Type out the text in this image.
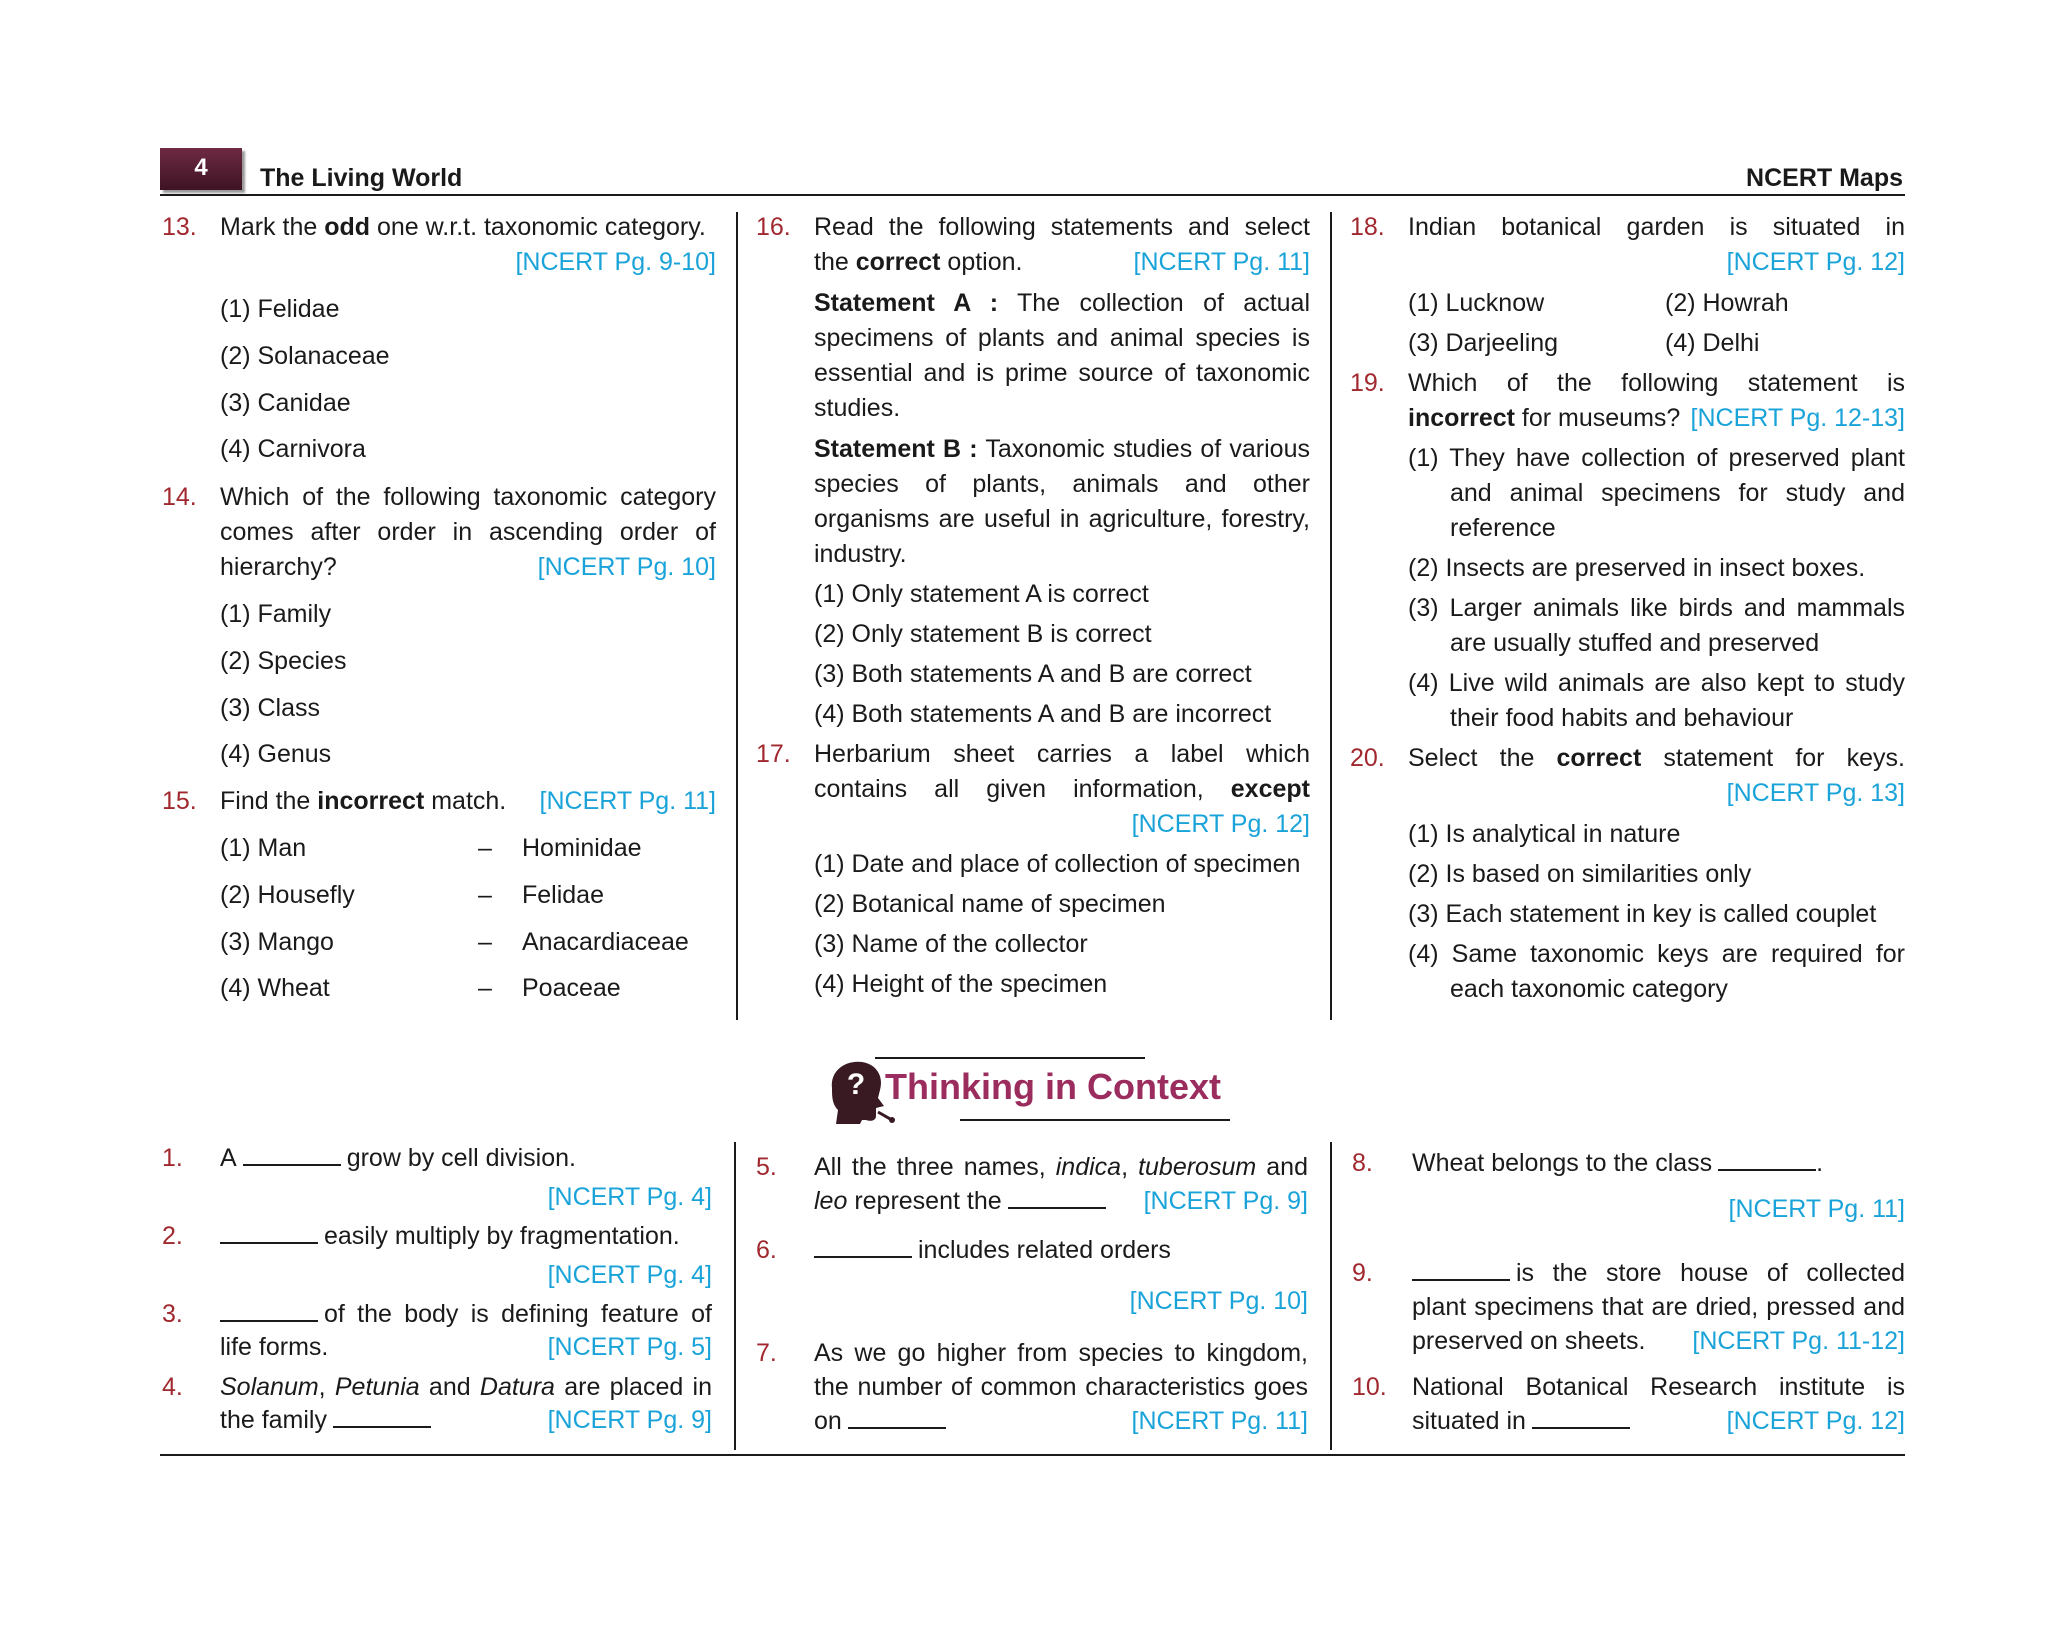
4	The Living World	NCERT Maps
13. Mark the odd one w.r.t. taxonomic category.
[NCERT Pg. 9-10]
(1) Felidae
(2) Solanaceae
(3) Canidae
(4) Carnivora
14. Which of the following taxonomic category
comes after order in ascending order of
hierarchy?	[NCERT Pg. 10]
(1) Family
(2) Species
(3) Class
(4) Genus
15. Find the incorrect match. [NCERT Pg. 11]
(1) Man	– Hominidae
(2) Housefly	– Felidae
(3) Mango	– Anacardiaceae
(4) Wheat	– Poaceae
16. Read the following statements and select
the correct option.	[NCERT Pg. 11]
Statement A : The collection of actual
specimens of plants and animal species is
essential and is prime source of taxonomic
studies.
Statement B : Taxonomic studies of various
species of plants, animals and other
organisms are useful in agriculture, forestry,
industry.
(1) Only statement A is correct
(2) Only statement B is correct
(3) Both statements A and B are correct
(4) Both statements A and B are incorrect
17. Herbarium sheet carries a label which
contains all given information, except
[NCERT Pg. 12]
(1) Date and place of collection of specimen
(2) Botanical name of specimen
(3) Name of the collector
(4) Height of the specimen
18. Indian botanical garden is situated in
[NCERT Pg. 12]
(1) Lucknow	(2) Howrah
(3) Darjeeling	(4) Delhi
19. Which of the following statement is
incorrect for museums? [NCERT Pg. 12-13]
(1) They have collection of preserved plant
and animal specimens for study and
reference
(2) Insects are preserved in insect boxes.
(3) Larger animals like birds and mammals
are usually stuffed and preserved
(4) Live wild animals are also kept to study
their food habits and behaviour
20. Select the correct statement for keys.
[NCERT Pg. 13]
(1) Is analytical in nature
(2) Is based on similarities only
(3) Each statement in key is called couplet
(4) Same taxonomic keys are required for
each taxonomic category
? Thinking in Context
1. A	grow by cell division.
[NCERT Pg. 4]
2.	easily multiply by fragmentation.
[NCERT Pg. 4]
3.	of the body is defining feature of
life forms.	[NCERT Pg. 5]
4. Solanum, Petunia and Datura are placed in
the family	[NCERT Pg. 9]
5. All the three names, indica, tuberosum and
leo represent the	[NCERT Pg. 9]
6.	includes related orders
[NCERT Pg. 10]
7. As we go higher from species to kingdom,
the number of common characteristics goes
on	[NCERT Pg. 11]
8. Wheat belongs to the class	.
[NCERT Pg. 11]
9.	is the store house of collected
plant specimens that are dried, pressed and
preserved on sheets. [NCERT Pg. 11-12]
10. National Botanical Research institute is
situated in	[NCERT Pg. 12]
